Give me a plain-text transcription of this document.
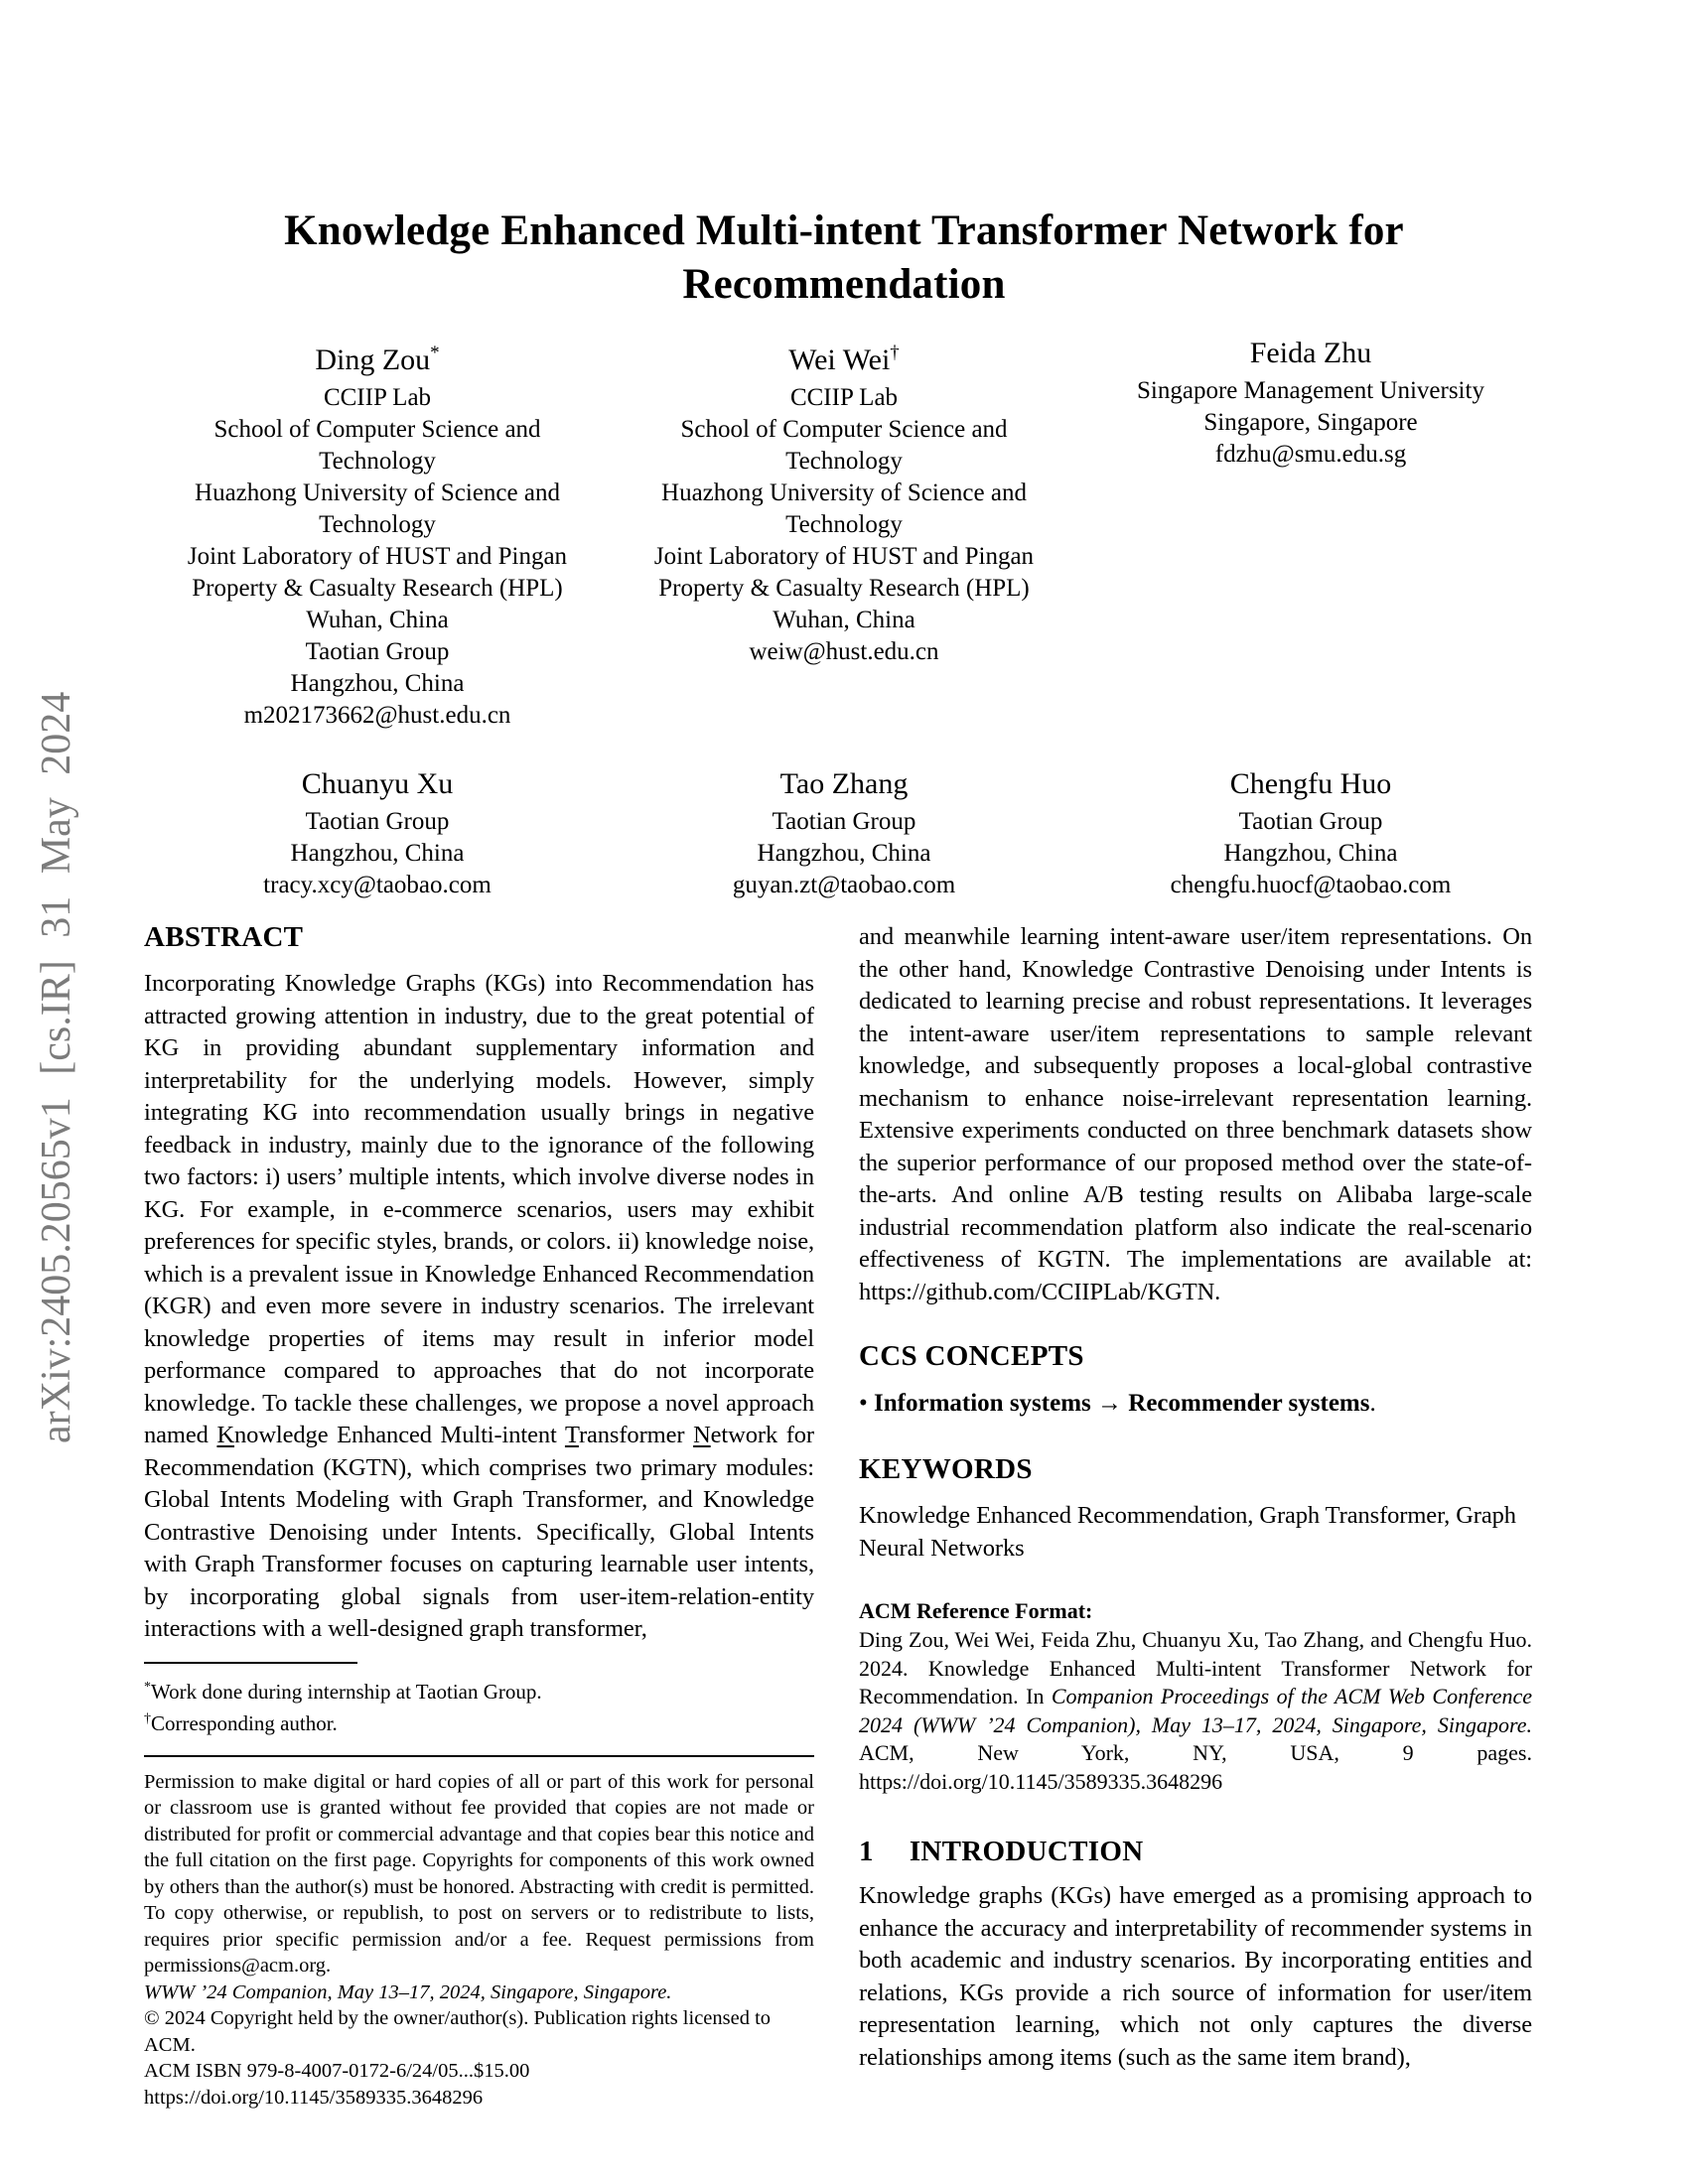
arXiv:2405.20565v1 [cs.IR] 31 May 2024
Knowledge Enhanced Multi-intent Transformer Network for
Recommendation
Ding Zou*
CCIIP Lab
School of Computer Science and Technology
Huazhong University of Science and Technology
Joint Laboratory of HUST and Pingan Property & Casualty Research (HPL)
Wuhan, China
Taotian Group
Hangzhou, China
m202173662@hust.edu.cn
Wei Wei†
CCIIP Lab
School of Computer Science and Technology
Huazhong University of Science and Technology
Joint Laboratory of HUST and Pingan Property & Casualty Research (HPL)
Wuhan, China
weiw@hust.edu.cn
Feida Zhu
Singapore Management University
Singapore, Singapore
fdzhu@smu.edu.sg
Chuanyu Xu
Taotian Group
Hangzhou, China
tracy.xcy@taobao.com
Tao Zhang
Taotian Group
Hangzhou, China
guyan.zt@taobao.com
Chengfu Huo
Taotian Group
Hangzhou, China
chengfu.huocf@taobao.com
ABSTRACT

Incorporating Knowledge Graphs (KGs) into Recommendation has attracted growing attention in industry, due to the great potential of KG in providing abundant supplementary information and interpretability for the underlying models. However, simply integrating KG into recommendation usually brings in negative feedback in industry, mainly due to the ignorance of the following two factors: i) users’ multiple intents, which involve diverse nodes in KG. For example, in e-commerce scenarios, users may exhibit preferences for specific styles, brands, or colors. ii) knowledge noise, which is a prevalent issue in Knowledge Enhanced Recommendation (KGR) and even more severe in industry scenarios. The irrelevant knowledge properties of items may result in inferior model performance compared to approaches that do not incorporate knowledge. To tackle these challenges, we propose a novel approach named Knowledge Enhanced Multi-intent Transformer Network for Recommendation (KGTN), which comprises two primary modules: Global Intents Modeling with Graph Transformer, and Knowledge Contrastive Denoising under Intents. Specifically, Global Intents with Graph Transformer focuses on capturing learnable user intents, by incorporating global signals from user-item-relation-entity interactions with a well-designed graph transformer,

*Work done during internship at Taotian Group.
†Corresponding author.

Permission to make digital or hard copies of all or part of this work for personal or classroom use is granted without fee provided that copies are not made or distributed for profit or commercial advantage and that copies bear this notice and the full citation on the first page. Copyrights for components of this work owned by others than the author(s) must be honored. Abstracting with credit is permitted. To copy otherwise, or republish, to post on servers or to redistribute to lists, requires prior specific permission and/or a fee. Request permissions from permissions@acm.org.

WWW ’24 Companion, May 13–17, 2024, Singapore, Singapore.
© 2024 Copyright held by the owner/author(s). Publication rights licensed to ACM.
ACM ISBN 979-8-4007-0172-6/24/05...$15.00
https://doi.org/10.1145/3589335.3648296

and meanwhile learning intent-aware user/item representations. On the other hand, Knowledge Contrastive Denoising under Intents is dedicated to learning precise and robust representations. It leverages the intent-aware user/item representations to sample relevant knowledge, and subsequently proposes a local-global contrastive mechanism to enhance noise-irrelevant representation learning. Extensive experiments conducted on three benchmark datasets show the superior performance of our proposed method over the state-of-the-arts. And online A/B testing results on Alibaba large-scale industrial recommendation platform also indicate the real-scenario effectiveness of KGTN. The implementations are available at: https://github.com/CCIIPLab/KGTN.

CCS CONCEPTS

• Information systems → Recommender systems.

KEYWORDS

Knowledge Enhanced Recommendation, Graph Transformer, Graph Neural Networks

ACM Reference Format:

Ding Zou, Wei Wei, Feida Zhu, Chuanyu Xu, Tao Zhang, and Chengfu Huo. 2024. Knowledge Enhanced Multi-intent Transformer Network for Recommendation. In Companion Proceedings of the ACM Web Conference 2024 (WWW ’24 Companion), May 13–17, 2024, Singapore, Singapore. ACM, New York, NY, USA, 9 pages. https://doi.org/10.1145/3589335.3648296

1 INTRODUCTION

Knowledge graphs (KGs) have emerged as a promising approach to enhance the accuracy and interpretability of recommender systems in both academic and industry scenarios. By incorporating entities and relations, KGs provide a rich source of information for user/item representation learning, which not only captures the diverse relationships among items (such as the same item brand),
